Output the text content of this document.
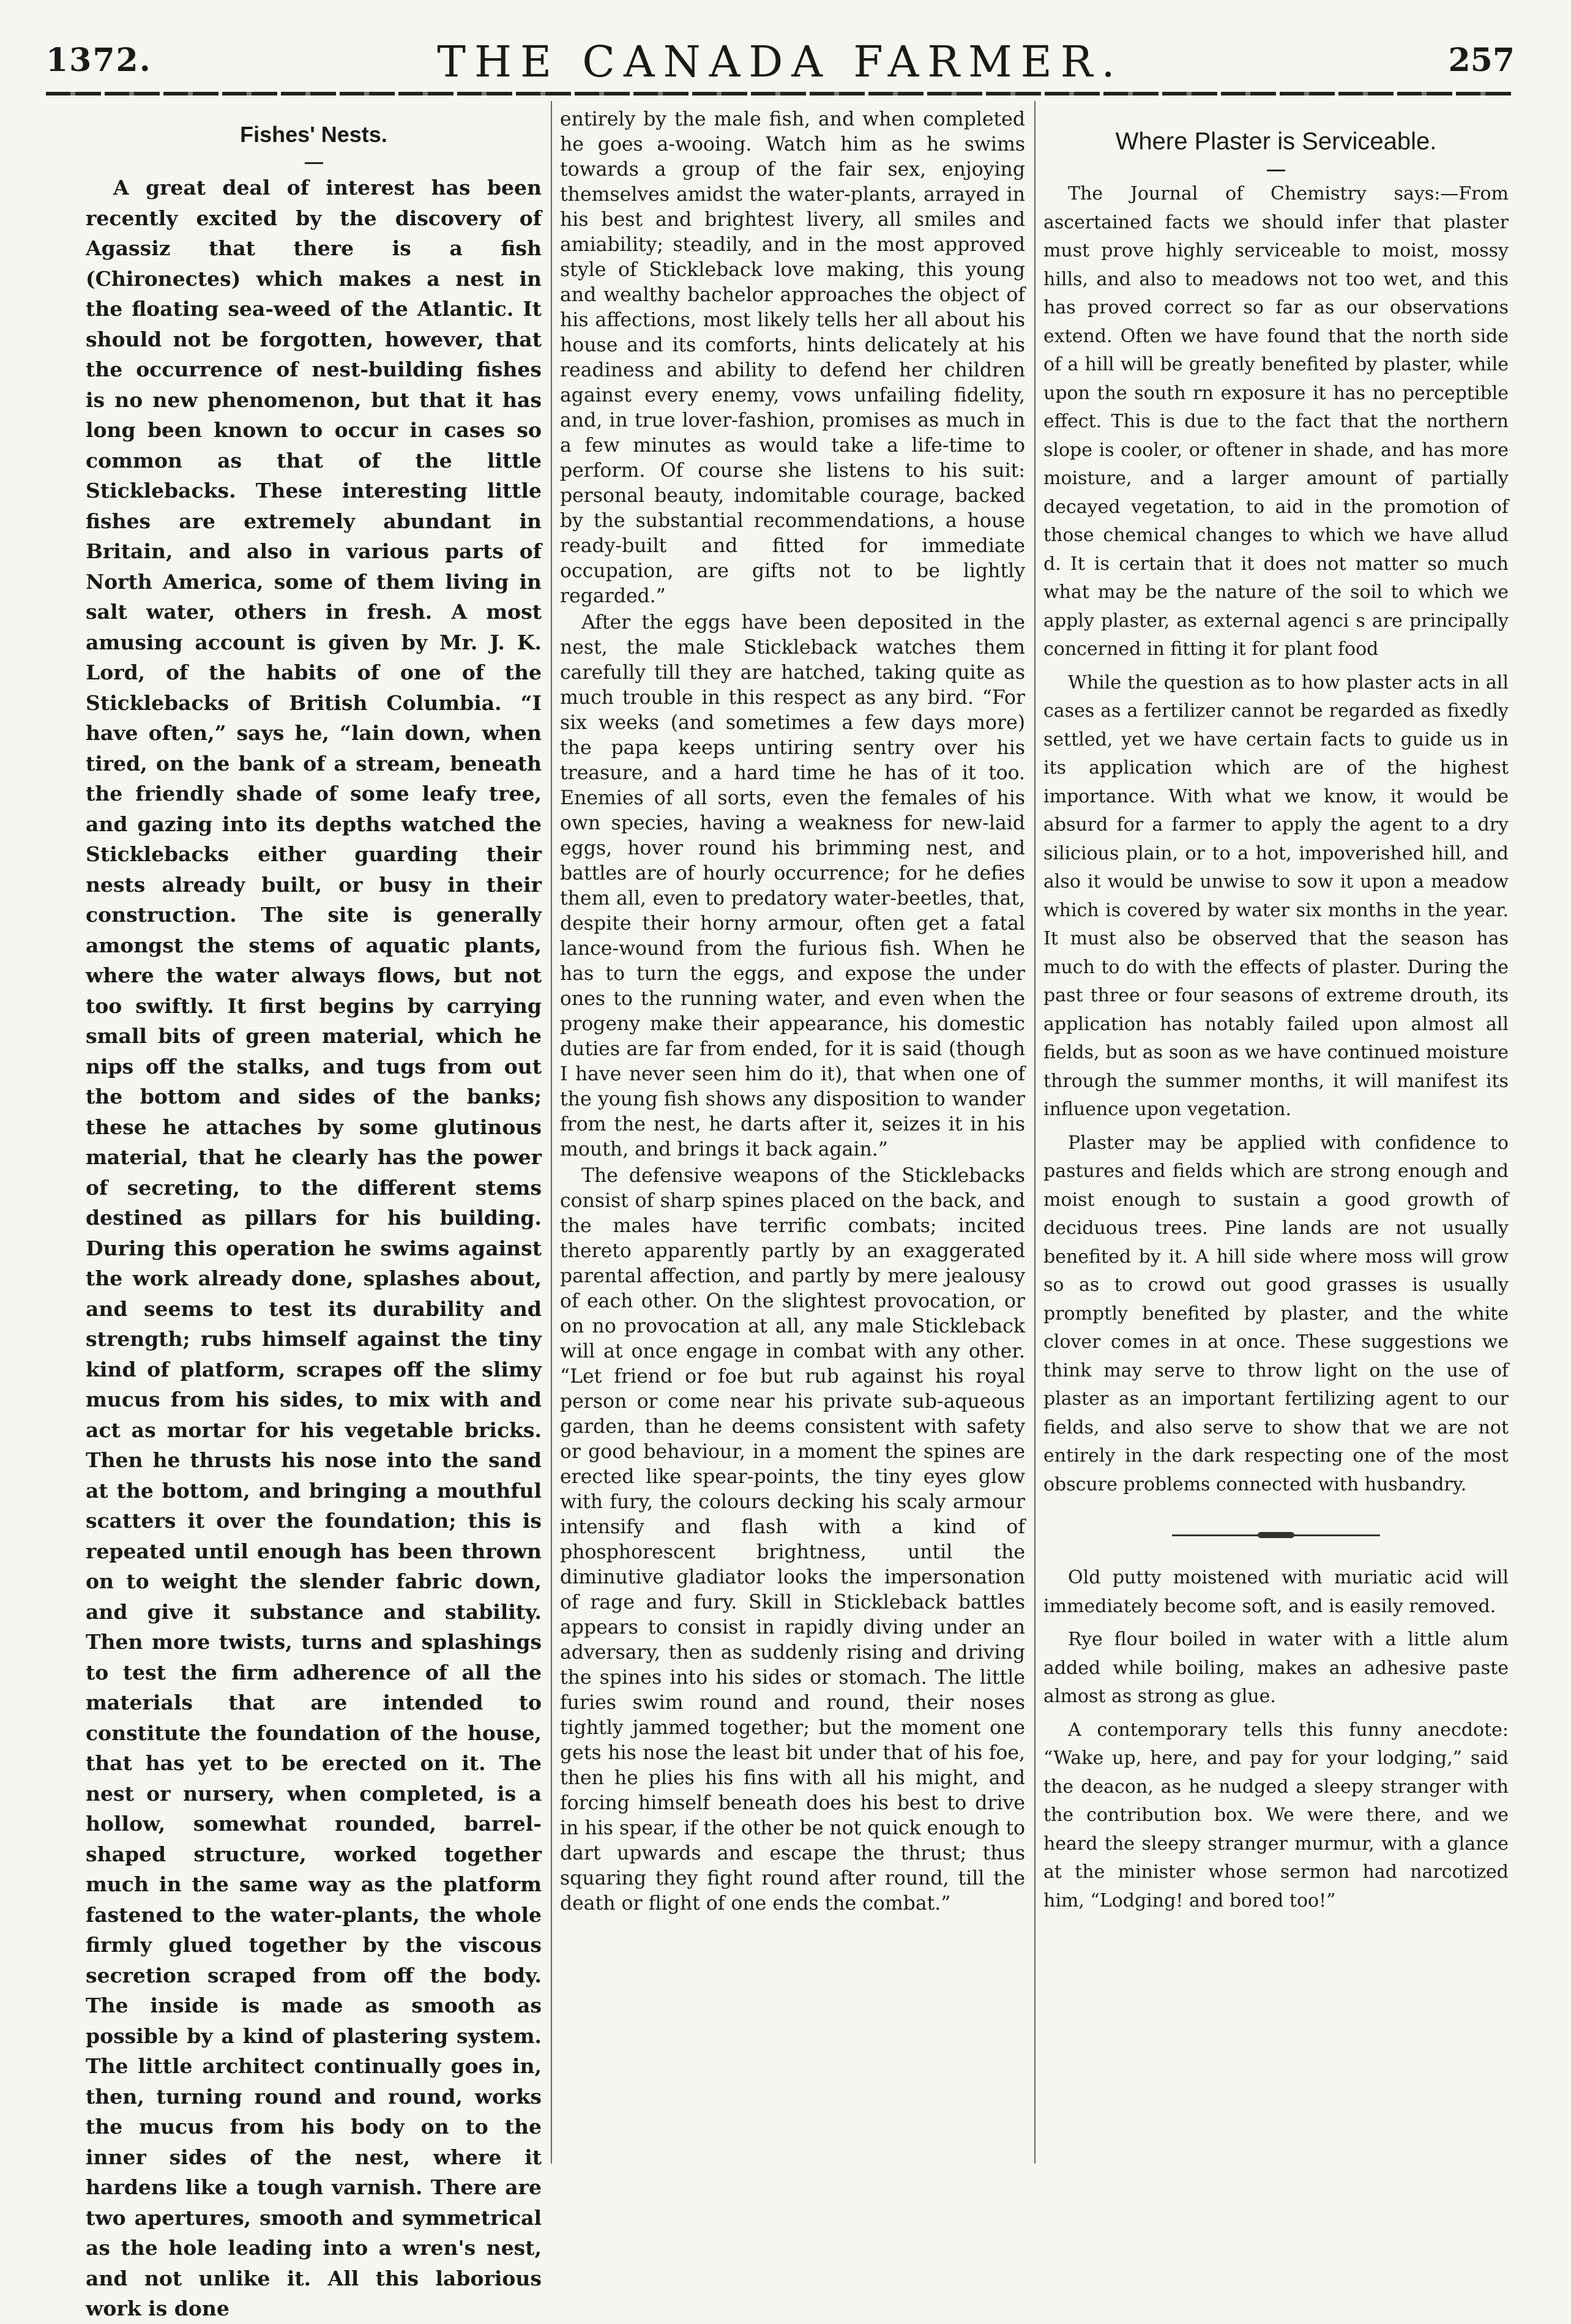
1372.	THE CANADA FARMER.	257
Fishes' Nests.

A great deal of interest has been recently excited by the discovery of Agassiz that there is a fish (Chironectes) which makes a nest in the floating sea-weed of the Atlantic. It should not be forgotten, however, that the occurrence of nest-building fishes is no new phenomenon, but that it has long been known to occur in cases so common as that of the little Sticklebacks. These interesting little fishes are extremely abundant in Britain, and also in various parts of North America, some of them living in salt water, others in fresh. A most amusing account is given by Mr. J. K. Lord, of the habits of one of the Sticklebacks of British Columbia. “I have often,” says he, “lain down, when tired, on the bank of a stream, beneath the friendly shade of some leafy tree, and gazing into its depths watched the Sticklebacks either guarding their nests already built, or busy in their construction. The site is generally amongst the stems of aquatic plants, where the water always flows, but not too swiftly. It first begins by carrying small bits of green material, which he nips off the stalks, and tugs from out the bottom and sides of the banks; these he attaches by some glutinous material, that he clearly has the power of secreting, to the different stems destined as pillars for his building. During this operation he swims against the work already done, splashes about, and seems to test its durability and strength; rubs himself against the tiny kind of platform, scrapes off the slimy mucus from his sides, to mix with and act as mortar for his vegetable bricks. Then he thrusts his nose into the sand at the bottom, and bringing a mouthful scatters it over the foundation; this is repeated until enough has been thrown on to weight the slender fabric down, and give it substance and stability. Then more twists, turns and splashings to test the firm adherence of all the materials that are intended to constitute the foundation of the house, that has yet to be erected on it. The nest or nursery, when completed, is a hollow, somewhat rounded, barrel-shaped structure, worked together much in the same way as the platform fastened to the water-plants, the whole firmly glued together by the viscous secretion scraped from off the body. The inside is made as smooth as possible by a kind of plastering system. The little architect continually goes in, then, turning round and round, works the mucus from his body on to the inner sides of the nest, where it hardens like a tough varnish. There are two apertures, smooth and symmetrical as the hole leading into a wren's nest, and not unlike it. All this laborious work is done

entirely by the male fish, and when completed he goes a-wooing. Watch him as he swims towards a group of the fair sex, enjoying themselves amidst the water-plants, arrayed in his best and brightest livery, all smiles and amiability; steadily, and in the most approved style of Stickleback love making, this young and wealthy bachelor approaches the object of his affections, most likely tells her all about his house and its comforts, hints delicately at his readiness and ability to defend her children against every enemy, vows unfailing fidelity, and, in true lover-fashion, promises as much in a few minutes as would take a life-time to perform. Of course she listens to his suit: personal beauty, indomitable courage, backed by the substantial recommendations, a house ready-built and fitted for immediate occupation, are gifts not to be lightly regarded.”

After the eggs have been deposited in the nest, the male Stickleback watches them carefully till they are hatched, taking quite as much trouble in this respect as any bird. “For six weeks (and sometimes a few days more) the papa keeps untiring sentry over his treasure, and a hard time he has of it too. Enemies of all sorts, even the females of his own species, having a weakness for new-laid eggs, hover round his brimming nest, and battles are of hourly occurrence; for he defies them all, even to predatory water-beetles, that, despite their horny armour, often get a fatal lance-wound from the furious fish. When he has to turn the eggs, and expose the under ones to the running water, and even when the progeny make their appearance, his domestic duties are far from ended, for it is said (though I have never seen him do it), that when one of the young fish shows any disposition to wander from the nest, he darts after it, seizes it in his mouth, and brings it back again.”

The defensive weapons of the Sticklebacks consist of sharp spines placed on the back, and the males have terrific combats; incited thereto apparently partly by an exaggerated parental affection, and partly by mere jealousy of each other. On the slightest provocation, or on no provocation at all, any male Stickleback will at once engage in combat with any other. “Let friend or foe but rub against his royal person or come near his private sub-aqueous garden, than he deems consistent with safety or good behaviour, in a moment the spines are erected like spear-points, the tiny eyes glow with fury, the colours decking his scaly armour intensify and flash with a kind of phosphorescent brightness, until the diminutive gladiator looks the impersonation of rage and fury. Skill in Stickleback battles appears to consist in rapidly diving under an adversary, then as suddenly rising and driving the spines into his sides or stomach. The little furies swim round and round, their noses tightly jammed together; but the moment one gets his nose the least bit under that of his foe, then he plies his fins with all his might, and forcing himself beneath does his best to drive in his spear, if the other be not quick enough to dart upwards and escape the thrust; thus squaring they fight round after round, till the death or flight of one ends the combat.”

Where Plaster is Serviceable.

The Journal of Chemistry says:—From ascertained facts we should infer that plaster must prove highly serviceable to moist, mossy hills, and also to meadows not too wet, and this has proved correct so far as our observations extend. Often we have found that the north side of a hill will be greatly benefited by plaster, while upon the south rn exposure it has no perceptible effect. This is due to the fact that the northern slope is cooler, or oftener in shade, and has more moisture, and a larger amount of partially decayed vegetation, to aid in the promotion of those chemical changes to which we have allud d. It is certain that it does not matter so much what may be the nature of the soil to which we apply plaster, as external agenci s are principally concerned in fitting it for plant food

While the question as to how plaster acts in all cases as a fertilizer cannot be regarded as fixedly settled, yet we have certain facts to guide us in its application which are of the highest importance. With what we know, it would be absurd for a farmer to apply the agent to a dry silicious plain, or to a hot, impoverished hill, and also it would be unwise to sow it upon a meadow which is covered by water six months in the year. It must also be observed that the season has much to do with the effects of plaster. During the past three or four seasons of extreme drouth, its application has notably failed upon almost all fields, but as soon as we have continued moisture through the summer months, it will manifest its influence upon vegetation.

Plaster may be applied with confidence to pastures and fields which are strong enough and moist enough to sustain a good growth of deciduous trees. Pine lands are not usually benefited by it. A hill side where moss will grow so as to crowd out good grasses is usually promptly benefited by plaster, and the white clover comes in at once. These suggestions we think may serve to throw light on the use of plaster as an important fertilizing agent to our fields, and also serve to show that we are not entirely in the dark respecting one of the most obscure problems connected with husbandry.

Old putty moistened with muriatic acid will immediately become soft, and is easily removed.

Rye flour boiled in water with a little alum added while boiling, makes an adhesive paste almost as strong as glue.

A contemporary tells this funny anecdote: “Wake up, here, and pay for your lodging,” said the deacon, as he nudged a sleepy stranger with the contribution box. We were there, and we heard the sleepy stranger murmur, with a glance at the minister whose sermon had narcotized him, “Lodging! and bored too!”
